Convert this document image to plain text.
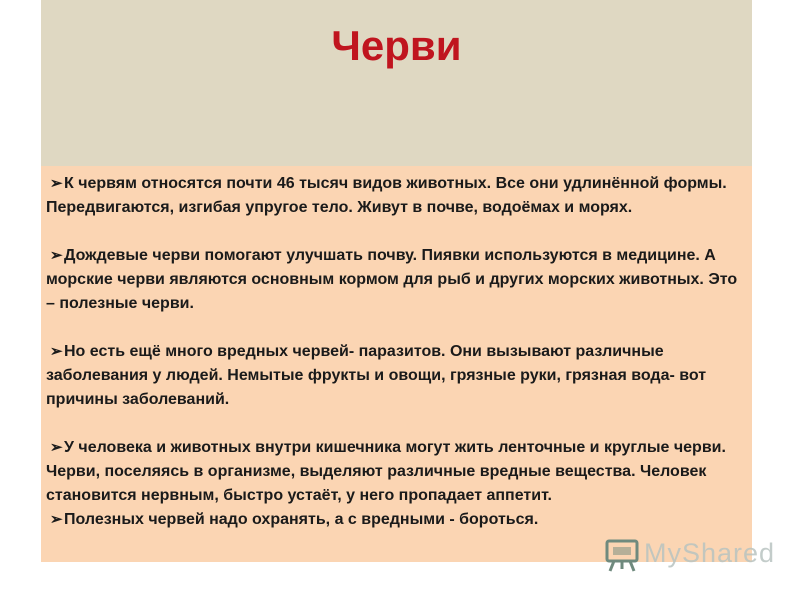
Черви

➢К червям относятся почти 46 тысяч видов животных. Все они удлинённой формы. Передвигаются, изгибая упругое тело. Живут в почве, водоёмах и морях.

➢Дождевые черви помогают улучшать почву. Пиявки используются в медицине. А морские черви являются основным кормом для рыб и других морских животных. Это – полезные черви.

➢Но есть ещё много вредных червей- паразитов. Они вызывают различные заболевания у людей. Немытые фрукты и овощи, грязные руки, грязная вода- вот причины заболеваний.

➢У человека и животных внутри кишечника могут жить ленточные и круглые черви. Черви, поселяясь в организме, выделяют различные вредные вещества. Человек становится нервным, быстро устаёт, у него пропадает аппетит.

➢Полезных червей надо охранять, а с вредными - бороться.

MyShared
